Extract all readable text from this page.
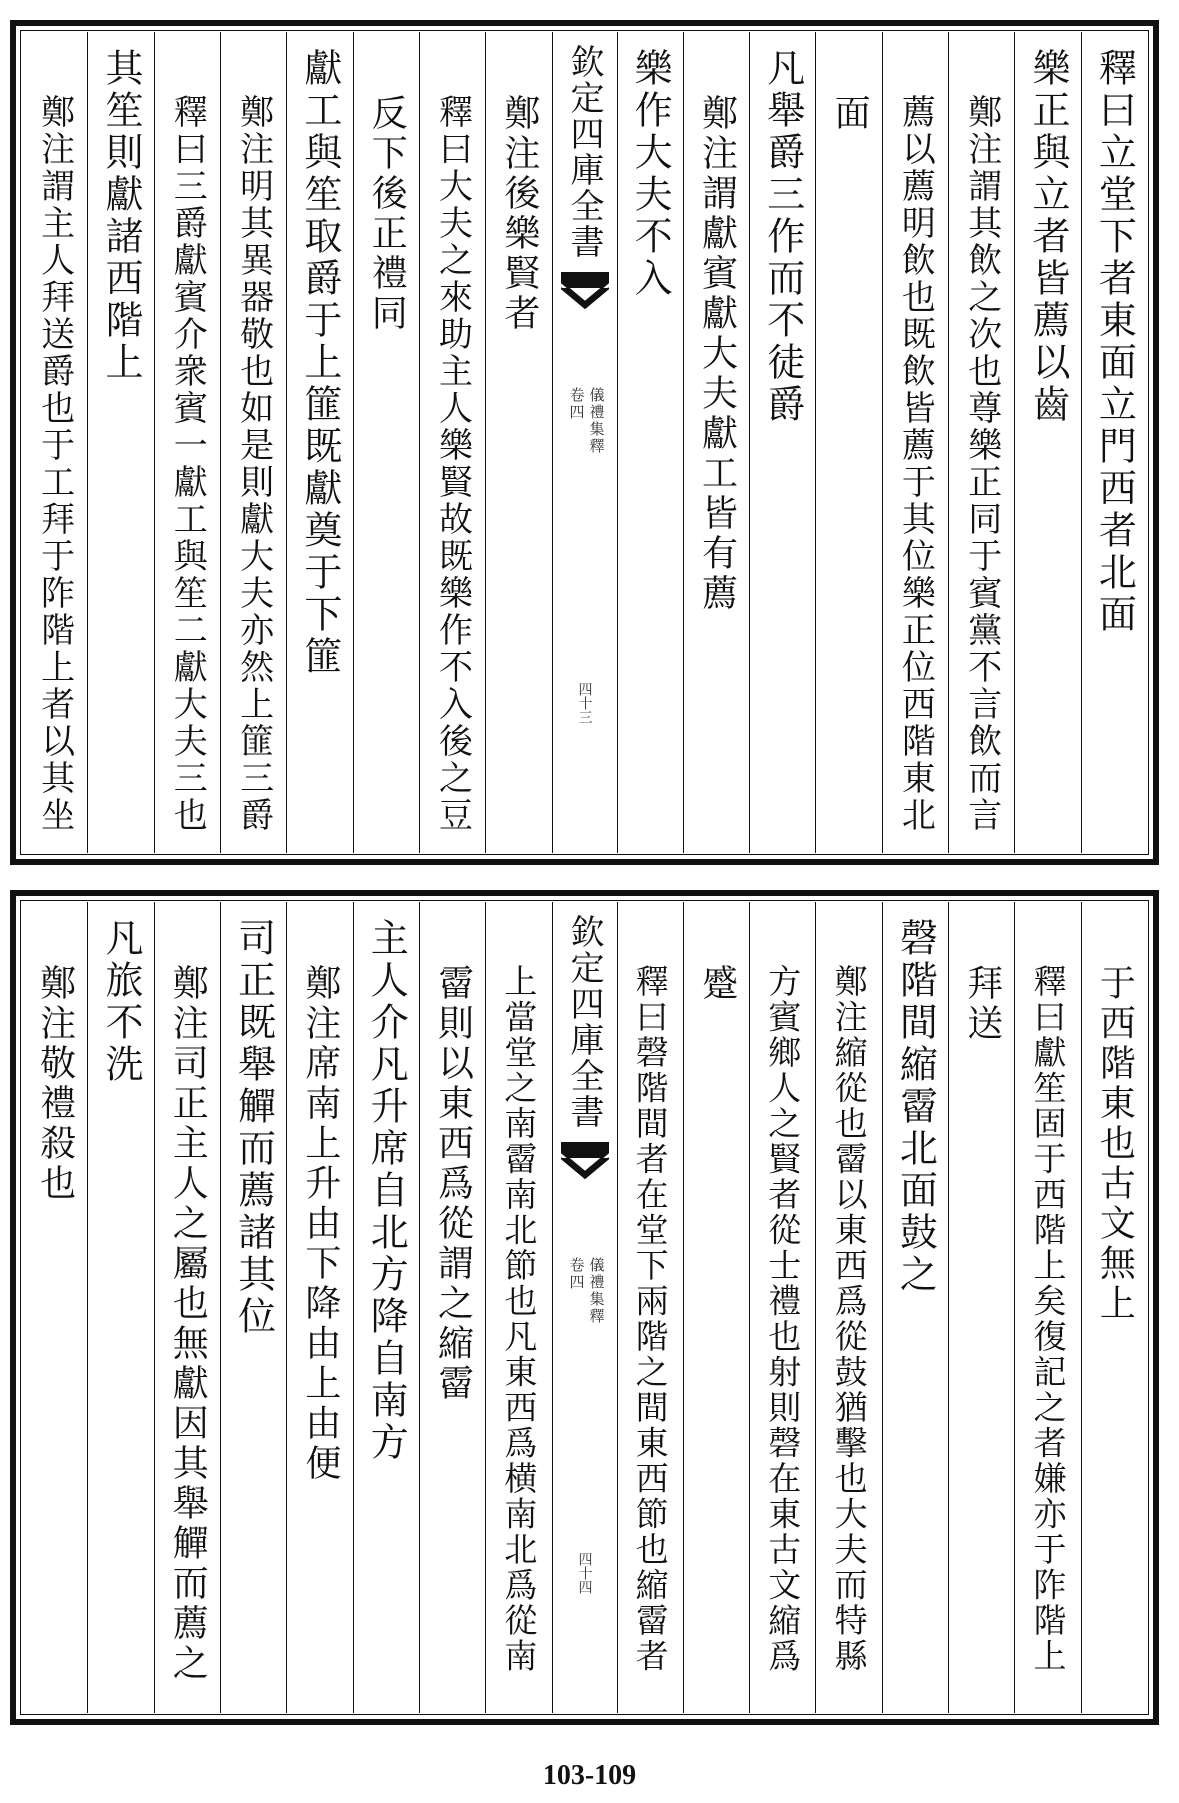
釋曰立堂下者東面立門西者北面
樂正與立者皆薦以齒
鄭注謂其飲之次也尊樂正同于賓黨不言飲而言
薦以薦明飲也既飲皆薦于其位樂正位西階東北
面
凡舉爵三作而不徒爵
鄭注謂獻賓獻大夫獻工皆有薦
樂作大夫不入
欽定四庫全書
儀禮集釋
卷四
四十三
鄭注後樂賢者
釋曰大夫之來助主人樂賢故既樂作不入後之豆
反下後正禮同
獻工與笙取爵于上篚既獻奠于下篚
鄭注明其異器敬也如是則獻大夫亦然上篚三爵
釋曰三爵獻賓介衆賓一獻工與笙二獻大夫三也
其笙則獻諸西階上
鄭注謂主人拜送爵也于工拜于阼階上者以其坐
于西階東也古文無上
釋曰獻笙固于西階上矣復記之者嫌亦于阼階上
拜送
磬階間縮霤北面鼓之
鄭注縮從也霤以東西爲從鼓猶擊也大夫而特縣
方賓鄉人之賢者從士禮也射則磬在東古文縮爲
蹙
釋曰磬階間者在堂下兩階之間東西節也縮霤者
欽定四庫全書
儀禮集釋
卷四
四十四
上當堂之南霤南北節也凡東西爲横南北爲從南
霤則以東西爲從謂之縮霤
主人介凡升席自北方降自南方
鄭注席南上升由下降由上由便
司正既舉觶而薦諸其位
鄭注司正主人之屬也無獻因其舉觶而薦之
凡旅不洗
鄭注敬禮殺也
103-109
